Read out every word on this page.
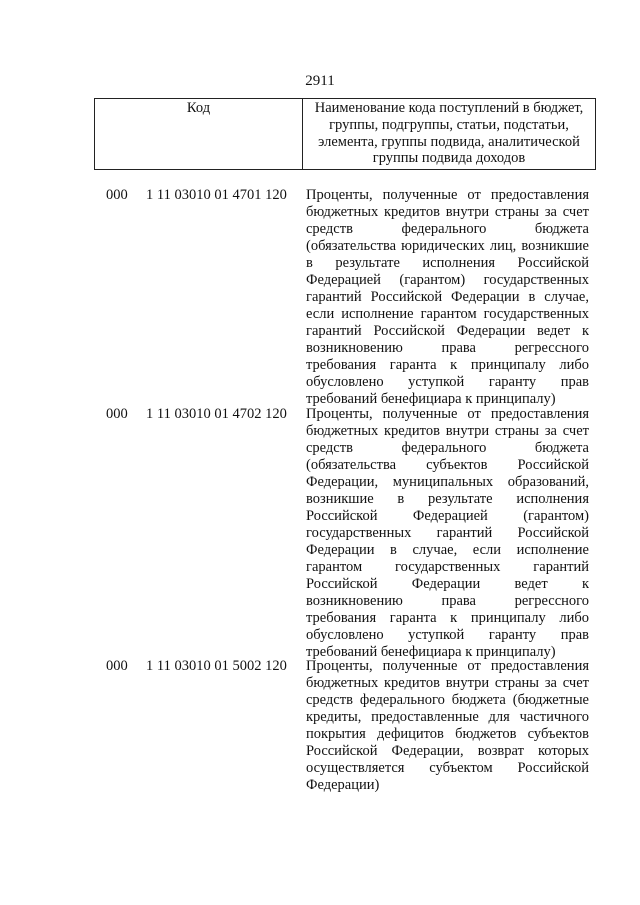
2911
Код	Наименование кода поступлений в бюджет,
группы, подгруппы, статьи, подстатьи,
элемента, группы подвида, аналитической
группы подвида доходов
000 1 11 03010 01 4701 120 Проценты, полученные от предоставления
бюджетных кредитов внутри страны за счет
средств федерального бюджета
(обязательства юридических лиц, возникшие
в результате исполнения Российской
Федерацией (гарантом) государственных
гарантий Российской Федерации в случае,
если исполнение гарантом государственных
гарантий Российской Федерации ведет к
возникновению права регрессного
требования гаранта к принципалу либо
обусловлено уступкой гаранту прав
требований бенефициара к принципалу)
000 1 11 03010 01 4702 120 Проценты, полученные от предоставления
бюджетных кредитов внутри страны за счет
средств федерального бюджета
(обязательства субъектов Российской
Федерации, муниципальных образований,
возникшие в результате исполнения
Российской Федерацией (гарантом)
государственных гарантий Российской
Федерации в случае, если исполнение
гарантом государственных гарантий
Российской Федерации ведет к
возникновению права регрессного
требования гаранта к принципалу либо
обусловлено уступкой гаранту прав
требований бенефициара к принципалу)
000 1 11 03010 01 5002 120 Проценты, полученные от предоставления
бюджетных кредитов внутри страны за счет
средств федерального бюджета (бюджетные
кредиты, предоставленные для частичного
покрытия дефицитов бюджетов субъектов
Российской Федерации, возврат которых
осуществляется субъектом Российской
Федерации)
